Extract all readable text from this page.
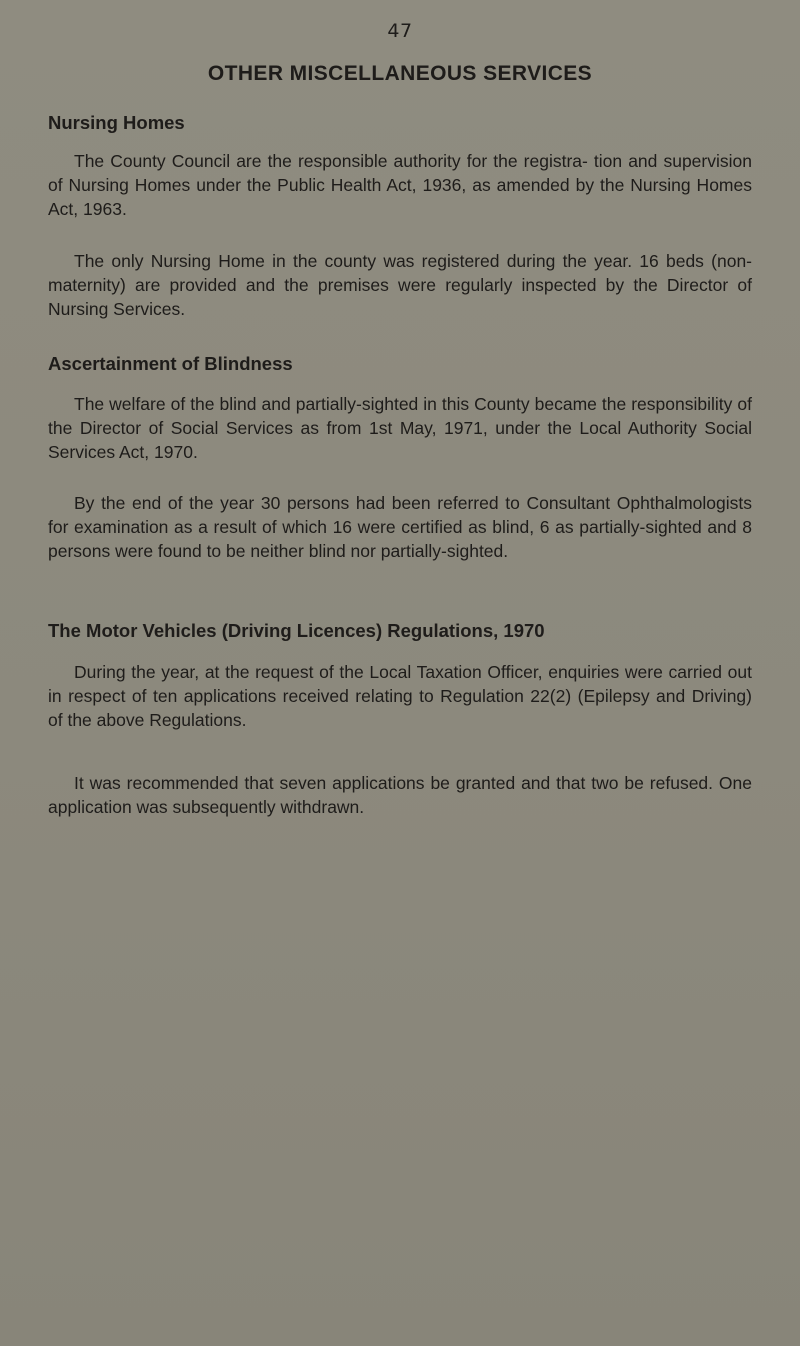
47
OTHER MISCELLANEOUS SERVICES
Nursing Homes

The County Council are the responsible authority for the registra- tion and supervision of Nursing Homes under the Public Health Act, 1936, as amended by the Nursing Homes Act, 1963.

The only Nursing Home in the county was registered during the year. 16 beds (non-maternity) are provided and the premises were regularly inspected by the Director of Nursing Services.

Ascertainment of Blindness

The welfare of the blind and partially-sighted in this County became the responsibility of the Director of Social Services as from 1st May, 1971, under the Local Authority Social Services Act, 1970.

By the end of the year 30 persons had been referred to Consultant Ophthalmologists for examination as a result of which 16 were certified as blind, 6 as partially-sighted and 8 persons were found to be neither blind nor partially-sighted.

The Motor Vehicles (Driving Licences) Regulations, 1970

During the year, at the request of the Local Taxation Officer, enquiries were carried out in respect of ten applications received relating to Regulation 22(2) (Epilepsy and Driving) of the above Regulations.

It was recommended that seven applications be granted and that two be refused. One application was subsequently withdrawn.
